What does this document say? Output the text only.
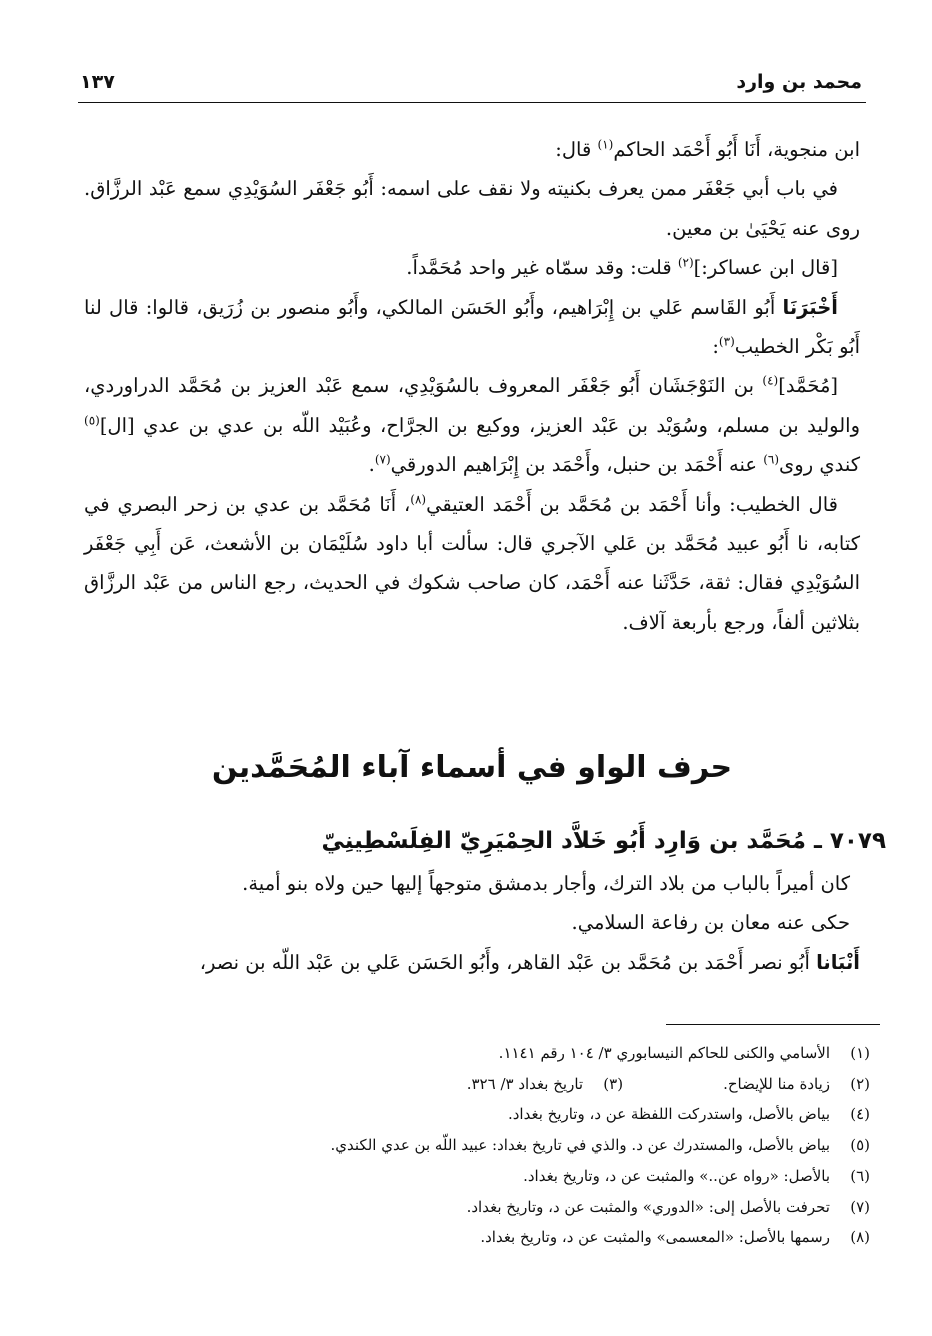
محمد بن وارد
١٣٧

ابن منجوية، أَنَا أَبُو أَحْمَد الحاكم$^{(١)}$ قال:

في باب أبي جَعْفَر ممن يعرف بكنيته ولا نقف على اسمه: أَبُو جَعْفَر السُوَيْدِي سمع عَبْد الرزَّاق. روى عنه يَحْيَىٰ بن معين.

[قال ابن عساكر:]$^{(٢)}$ قلت: وقد سمّاه غير واحد مُحَمَّداً.

أَخْبَرَنَا أَبُو القَاسم عَلي بن إِبْرَاهيم، وأَبُو الحَسَن المالكي، وأَبُو منصور بن زُرَيق، قالوا: قال لنا أَبُو بَكْر الخطيب$^{(٣)}$:

[مُحَمَّد]$^{(٤)}$ بن النَوْجَشَان أَبُو جَعْفَر المعروف بالسُوَيْدِي، سمع عَبْد العزيز بن مُحَمَّد الدراوردي، والوليد بن مسلم، وسُوَيْد بن عَبْد العزيز، ووكيع بن الجرَّاح، وعُبَيْد اللّه بن عدي بن عدي [ال]$^{(٥)}$ كندي روى$^{(٦)}$ عنه أَحْمَد بن حنبل، وأَحْمَد بن إِبْرَاهيم الدورقي$^{(٧)}$.

قال الخطيب: وأنا أَحْمَد بن مُحَمَّد بن أَحْمَد العتيقي$^{(٨)}$، أَنَا مُحَمَّد بن عدي بن زحر البصري في كتابه، نا أَبُو عبيد مُحَمَّد بن عَلي الآجري قال: سألت أبا داود سُلَيْمَان بن الأشعث، عَن أَبِي جَعْفَر السُوَيْدِي فقال: ثقة، حَدَّثَنا عنه أَحْمَد، كان صاحب شكوك في الحديث، رجع الناس من عَبْد الرزَّاق بثلاثين ألفاً، ورجع بأربعة آلاف.

حرف الواو في أسماء آباء المُحَمَّدين

٧٠٧٩ ـ مُحَمَّد بن وَارِد أَبُو خَلاَّد الحِمْيَرِيّ الفِلَسْطِينِيّ

كان أميراً بالباب من بلاد الترك، وأجار بدمشق متوجهاً إليها حين ولاه بنو أمية.

حكى عنه معان بن رفاعة السلامي.

أَنْبَانا أَبُو نصر أَحْمَد بن مُحَمَّد بن عَبْد القاهر، وأَبُو الحَسَن عَلي بن عَبْد اللّه بن نصر،

(١)
الأسامي والكنى للحاكم النيسابوري ٣/ ١٠٤ رقم ١١٤١.
(٢)
زيادة منا للإيضاح.
(٣)تاريخ بغداد ٣/ ٣٢٦.
(٤)
بياض بالأصل، واستدركت اللفظة عن د، وتاريخ بغداد.
(٥)
بياض بالأصل، والمستدرك عن د. والذي في تاريخ بغداد: عبيد اللّه بن عدي الكندي.
(٦)
بالأصل: «رواه عن..» والمثبت عن د، وتاريخ بغداد.
(٧)
تحرفت بالأصل إلى: «الدوري» والمثبت عن د، وتاريخ بغداد.
(٨)
رسمها بالأصل: «المعسمى» والمثبت عن د، وتاريخ بغداد.
